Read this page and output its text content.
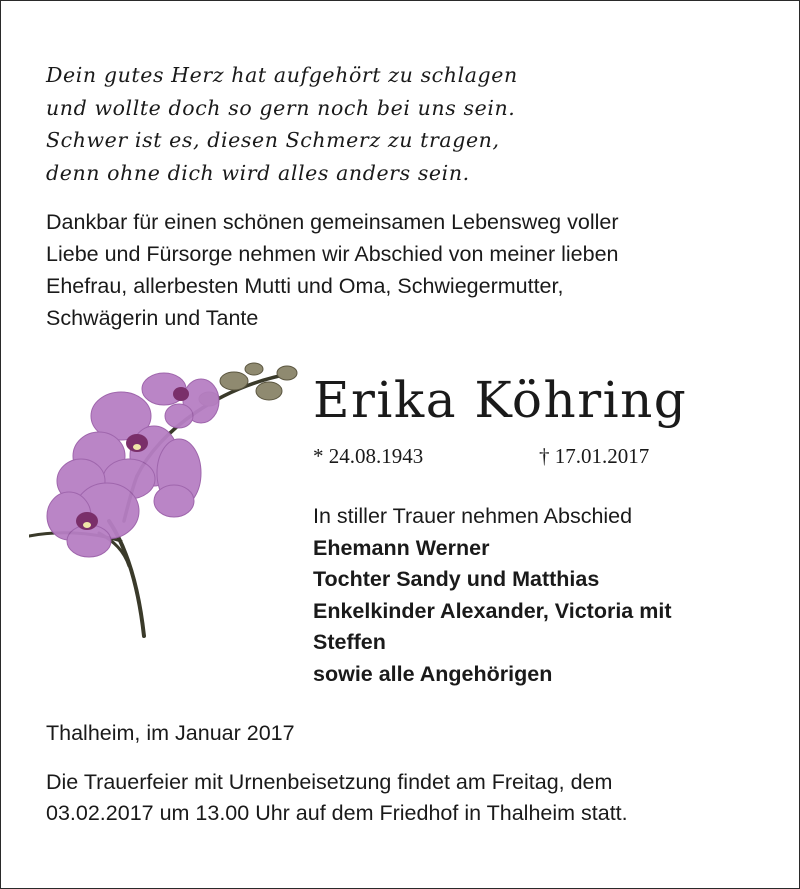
Dein gutes Herz hat aufgehört zu schlagen
und wollte doch so gern noch bei uns sein.
Schwer ist es, diesen Schmerz zu tragen,
denn ohne dich wird alles anders sein.
Dankbar für einen schönen gemeinsamen Lebensweg voller
Liebe und Fürsorge nehmen wir Abschied von meiner lieben
Ehefrau, allerbesten Mutti und Oma, Schwiegermutter,
Schwägerin und Tante
Erika Köhring
* 24.08.1943	† 17.01.2017
In stiller Trauer nehmen Abschied
Ehemann Werner
Tochter Sandy und Matthias
Enkelkinder Alexander, Victoria mit
Steffen
sowie alle Angehörigen
Thalheim, im Januar 2017
Die Trauerfeier mit Urnenbeisetzung findet am Freitag, dem
03.02.2017 um 13.00 Uhr auf dem Friedhof in Thalheim statt.
